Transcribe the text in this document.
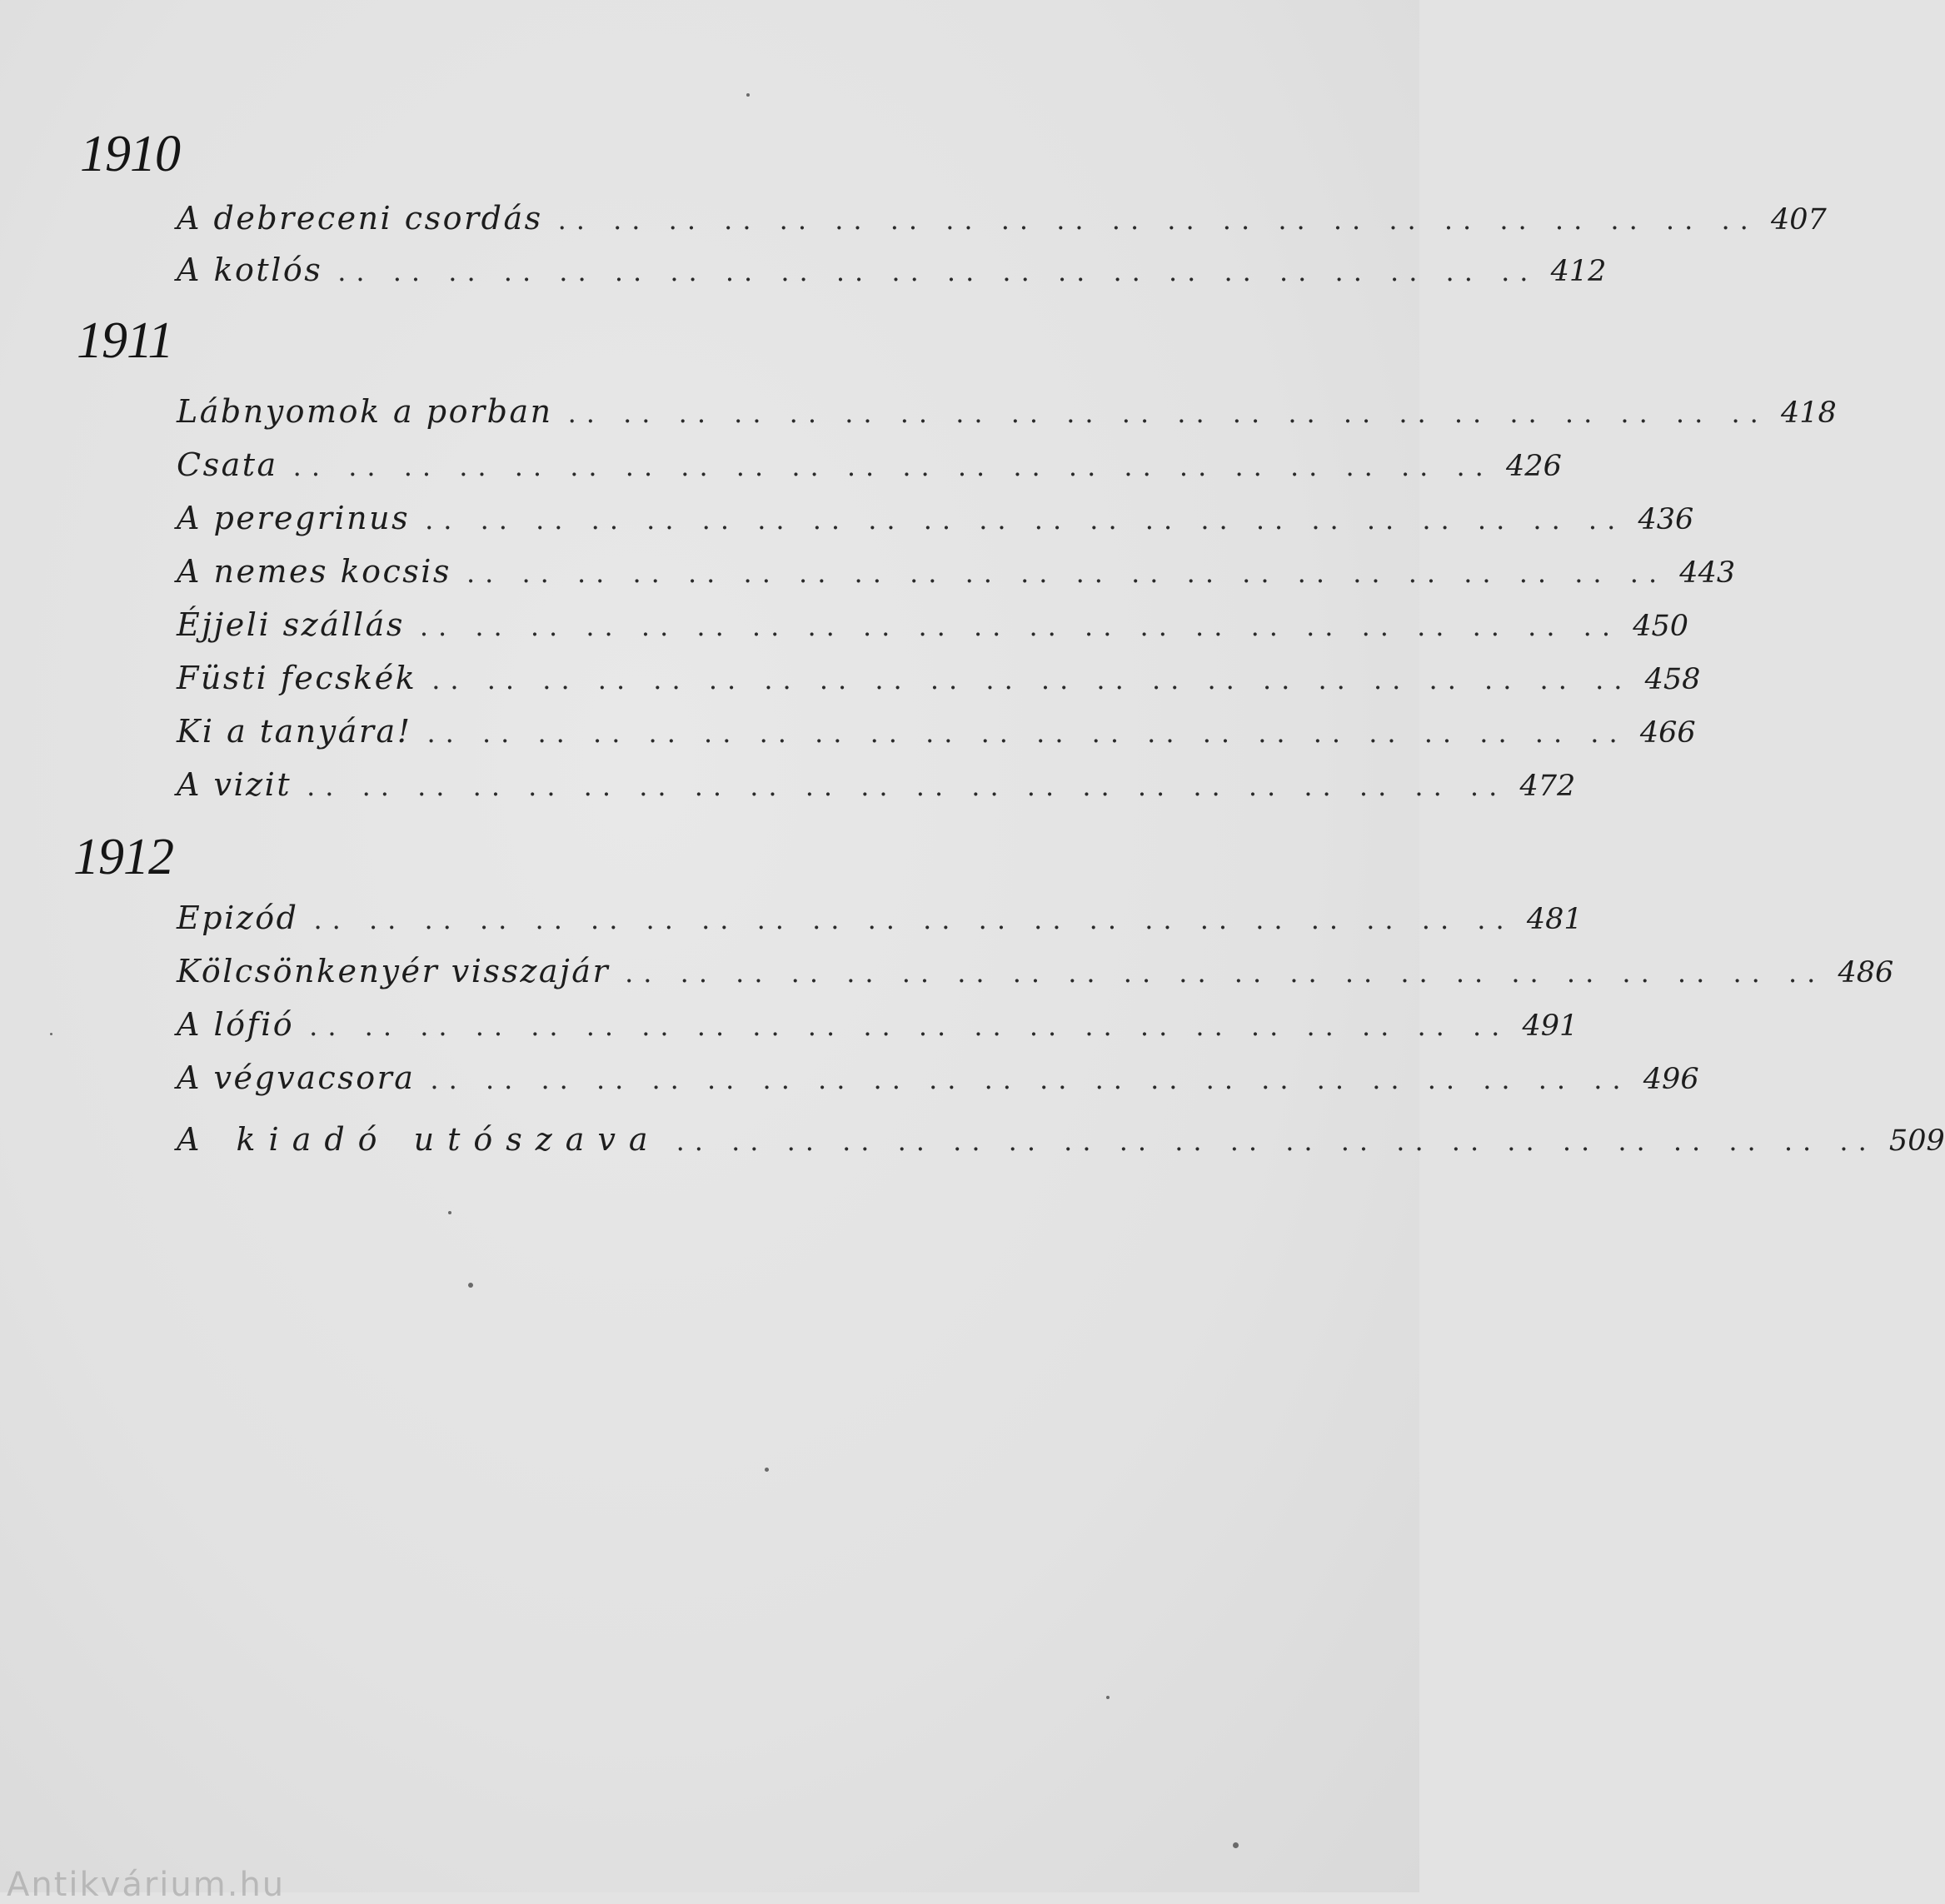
1910
A debreceni csordás .. .. .. .. .. .. .. .. .. .. .. .. .. .. .. .. .. .. .. .. .. .. 407
A kotlós .. .. .. .. .. .. .. .. .. .. .. .. .. .. .. .. .. .. .. .. .. .. 412
1911
Lábnyomok a porban .. .. .. .. .. .. .. .. .. .. .. .. .. .. .. .. .. .. .. .. .. .. 418
Csata .. .. .. .. .. .. .. .. .. .. .. .. .. .. .. .. .. .. .. .. .. .. 426
A peregrinus .. .. .. .. .. .. .. .. .. .. .. .. .. .. .. .. .. .. .. .. .. .. 436
A nemes kocsis .. .. .. .. .. .. .. .. .. .. .. .. .. .. .. .. .. .. .. .. .. .. 443
Éjjeli szállás .. .. .. .. .. .. .. .. .. .. .. .. .. .. .. .. .. .. .. .. .. .. 450
Füsti fecskék .. .. .. .. .. .. .. .. .. .. .. .. .. .. .. .. .. .. .. .. .. .. 458
Ki a tanyára! .. .. .. .. .. .. .. .. .. .. .. .. .. .. .. .. .. .. .. .. .. .. 466
A vizit .. .. .. .. .. .. .. .. .. .. .. .. .. .. .. .. .. .. .. .. .. .. 472
1912
Epizód .. .. .. .. .. .. .. .. .. .. .. .. .. .. .. .. .. .. .. .. .. .. 481
Kölcsönkenyér visszajár .. .. .. .. .. .. .. .. .. .. .. .. .. .. .. .. .. .. .. .. .. .. 486
A lófió .. .. .. .. .. .. .. .. .. .. .. .. .. .. .. .. .. .. .. .. .. .. 491
A végvacsora .. .. .. .. .. .. .. .. .. .. .. .. .. .. .. .. .. .. .. .. .. .. 496
A kiadó utószava .. .. .. .. .. .. .. .. .. .. .. .. .. .. .. .. .. .. .. .. .. .. 509
Antikvárium.hu
